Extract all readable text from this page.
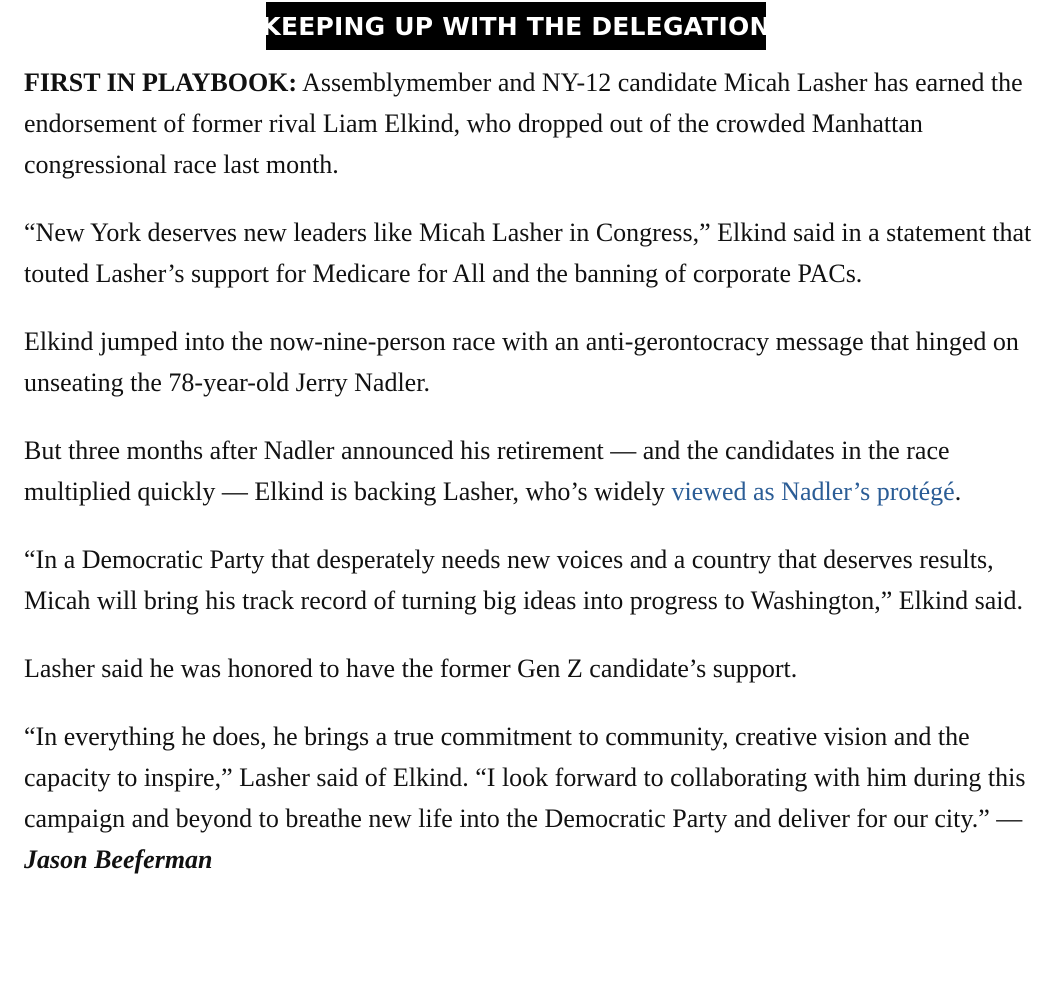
KEEPING UP WITH THE DELEGATION

FIRST IN PLAYBOOK: Assemblymember and NY-12 candidate Micah Lasher has earned the endorsement of former rival Liam Elkind, who dropped out of the crowded Manhattan congressional race last month.

“New York deserves new leaders like Micah Lasher in Congress,” Elkind said in a statement that touted Lasher’s support for Medicare for All and the banning of corporate PACs.

Elkind jumped into the now-nine-person race with an anti-gerontocracy message that hinged on unseating the 78-year-old Jerry Nadler.

But three months after Nadler announced his retirement — and the candidates in the race multiplied quickly — Elkind is backing Lasher, who’s widely viewed as Nadler’s protégé.

“In a Democratic Party that desperately needs new voices and a country that deserves results, Micah will bring his track record of turning big ideas into progress to Washington,” Elkind said.

Lasher said he was honored to have the former Gen Z candidate’s support.

“In everything he does, he brings a true commitment to community, creative vision and the capacity to inspire,” Lasher said of Elkind. “I look forward to collaborating with him during this campaign and beyond to breathe new life into the Democratic Party and deliver for our city.” — Jason Beeferman
